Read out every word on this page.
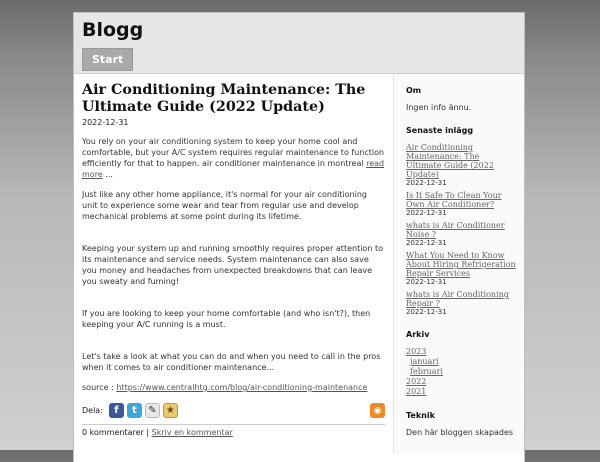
Blogg
Start
Air Conditioning Maintenance: The Ultimate Guide (2022 Update)
2022-12-31
You rely on your air conditioning system to keep your home cool and comfortable, but your A/C system requires regular maintenance to function efficiently for that to happen. air conditioner maintenance in montreal read more ...
Just like any other home appliance, it's normal for your air conditioning unit to experience some wear and tear from regular use and develop mechanical problems at some point during its lifetime.
Keeping your system up and running smoothly requires proper attention to its maintenance and service needs. System maintenance can also save you money and headaches from unexpected breakdowns that can leave you sweaty and fuming!
If you are looking to keep your home comfortable (and who isn't?), then keeping your A/C running is a must.
Let's take a look at what you can do and when you need to call in the pros when it comes to air conditioner maintenance...
source : https://www.centralhtg.com/blog/air-conditioning-maintenance
Dela:	f	t	✎ ★	◉
0 kommentarer | Skriv en kommentar
Om
Ingen info ännu.
Senaste inlägg
Air Conditioning Maintenance: The Ultimate Guide (2022 Update)
2022-12-31
Is It Safe To Clean Your Own Air Conditioner?
2022-12-31
whats is Air Conditioner Noise ?
2022-12-31
What You Need to Know About Hiring Refrigeration Repair Services
2022-12-31
whats is Air Conditioning Repair ?
2022-12-31
Arkiv
2023
januari
februari
2022
2021
Teknik
Den här bloggen skapades
